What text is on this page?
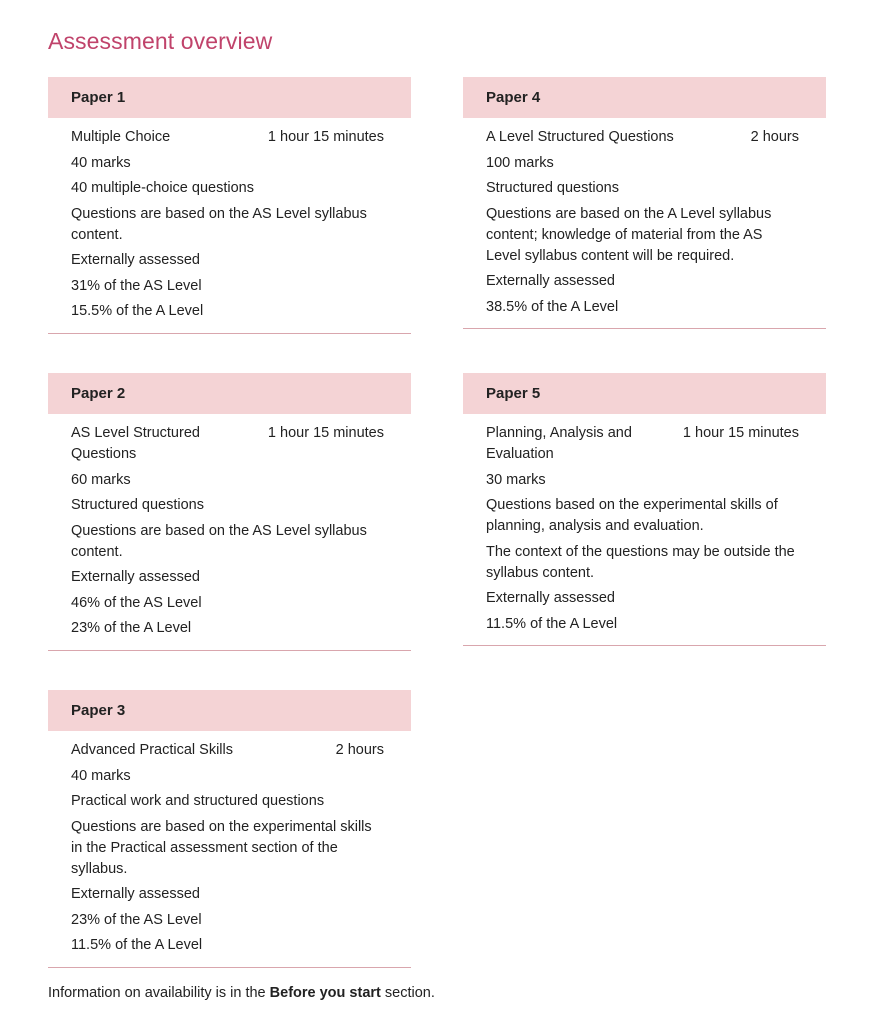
Assessment overview
Paper 1
Multiple Choice	1 hour 15 minutes
40 marks
40 multiple-choice questions
Questions are based on the AS Level syllabus content.
Externally assessed
31% of the AS Level
15.5% of the A Level
Paper 4
A Level Structured Questions	2 hours
100 marks
Structured questions
Questions are based on the A Level syllabus content; knowledge of material from the AS Level syllabus content will be required.
Externally assessed
38.5% of the A Level
Paper 2
AS Level Structured Questions
1 hour 15 minutes
60 marks
Structured questions
Questions are based on the AS Level syllabus content.
Externally assessed
46% of the AS Level
23% of the A Level
Paper 5
Planning, Analysis and Evaluation
1 hour 15 minutes
30 marks
Questions based on the experimental skills of planning, analysis and evaluation.
The context of the questions may be outside the syllabus content.
Externally assessed
11.5% of the A Level
Paper 3
Advanced Practical Skills	2 hours
40 marks
Practical work and structured questions
Questions are based on the experimental skills in the Practical assessment section of the syllabus.
Externally assessed
23% of the AS Level
11.5% of the A Level
Information on availability is in the Before you start section.
